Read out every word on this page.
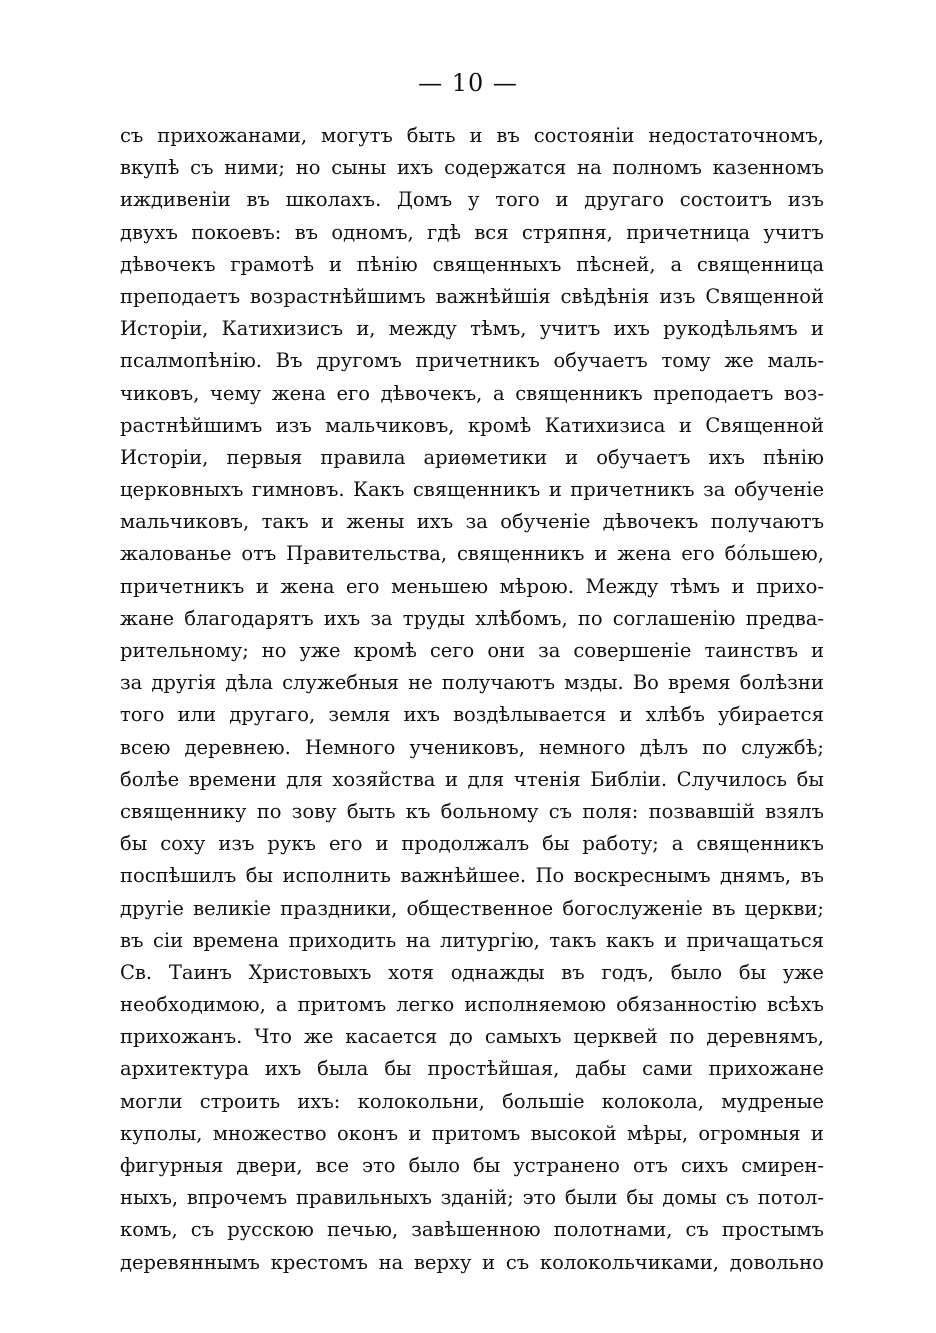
— 10 —
съ прихожанами, могутъ быть и въ состоянiи недостаточномъ,
вкупѣ съ ними; но сыны ихъ содержатся на полномъ казенномъ
иждивенiи въ школахъ. Домъ у того и другаго состоитъ изъ
двухъ покоевъ: въ одномъ, гдѣ вся стряпня, причетница учитъ
дѣвочекъ грамотѣ и пѣнiю священныхъ пѣсней, а священница
преподаетъ возрастнѣйшимъ важнѣйшiя свѣдѣнiя изъ Священной
Исторiи, Катихизисъ и, между тѣмъ, учитъ ихъ рукодѣльямъ и
псалмопѣнiю. Въ другомъ причетникъ обучаетъ тому же маль-
чиковъ, чему жена его дѣвочекъ, а священникъ преподаетъ воз-
растнѣйшимъ изъ мальчиковъ, кромѣ Катихизиса и Священной
Исторiи, первыя правила ариѳметики и обучаетъ ихъ пѣнiю
церковныхъ гимновъ. Какъ священникъ и причетникъ за обученiе
мальчиковъ, такъ и жены ихъ за обученiе дѣвочекъ получаютъ
жалованье отъ Правительства, священникъ и жена его бóльшею,
причетникъ и жена его меньшею мѣрою. Между тѣмъ и прихо-
жане благодарятъ ихъ за труды хлѣбомъ, по соглашенiю предва-
рительному; но уже кромѣ сего они за совершенiе таинствъ и
за другiя дѣла служебныя не получаютъ мзды. Во время болѣзни
того или другаго, земля ихъ воздѣлывается и хлѣбъ убирается
всею деревнею. Немного учениковъ, немного дѣлъ по службѣ;
болѣе времени для хозяйства и для чтенiя Библiи. Случилось бы
священнику по зову быть къ больному съ поля: позвавшiй взялъ
бы соху изъ рукъ его и продолжалъ бы работу; а священникъ
поспѣшилъ бы исполнить важнѣйшее. По воскреснымъ днямъ, въ
другiе великiе праздники, общественное богослуженiе въ церкви;
въ сiи времена приходить на литургiю, такъ какъ и причащаться
Св. Таинъ Христовыхъ хотя однажды въ годъ, было бы уже
необходимою, а притомъ легко исполняемою обязанностiю всѣхъ
прихожанъ. Что же касается до самыхъ церквей по деревнямъ,
архитектура ихъ была бы простѣйшая, дабы сами прихожане
могли строить ихъ: колокольни, большiе колокола, мудреные
куполы, множество оконъ и притомъ высокой мѣры, огромныя и
фигурныя двери, все это было бы устранено отъ сихъ смирен-
ныхъ, впрочемъ правильныхъ зданiй; это были бы домы съ потол-
комъ, съ русскою печью, завѣшенною полотнами, съ простымъ
деревяннымъ крестомъ на верху и съ колокольчиками, довольно
